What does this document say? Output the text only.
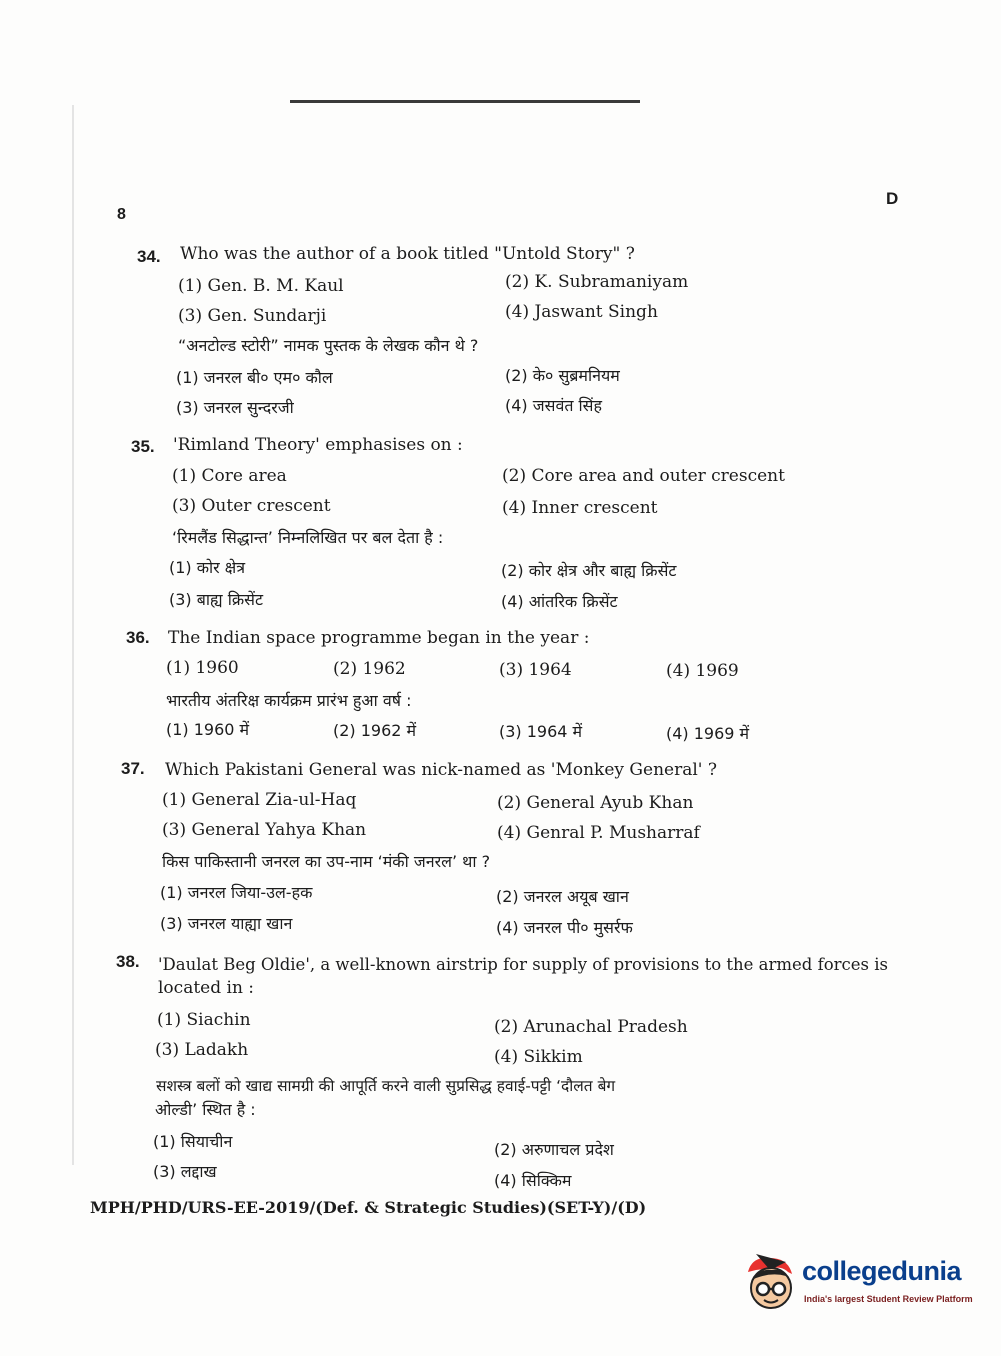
8
D
34. Who was the author of a book titled "Untold Story" ?
(1) Gen. B. M. Kaul	(2) K. Subramaniyam
(3) Gen. Sundarji	(4) Jaswant Singh
“अनटोल्ड स्टोरी” नामक पुस्तक के लेखक कौन थे ?
(1) जनरल बी० एम० कौल	(2) के० सुब्रमनियम
(3) जनरल सुन्दरजी	(4) जसवंत सिंह
35. 'Rimland Theory' emphasises on :
(1) Core area	(2) Core area and outer crescent
(3) Outer crescent	(4) Inner crescent
‘रिमलैंड सिद्धान्त’ निम्नलिखित पर बल देता है :
(1) कोर क्षेत्र	(2) कोर क्षेत्र और बाह्य क्रिसेंट
(3) बाह्य क्रिसेंट	(4) आंतरिक क्रिसेंट
36. The Indian space programme began in the year :
(1) 1960	(2) 1962	(3) 1964	(4) 1969
भारतीय अंतरिक्ष कार्यक्रम प्रारंभ हुआ वर्ष :
(1) 1960 में	(2) 1962 में	(3) 1964 में	(4) 1969 में
37. Which Pakistani General was nick-named as 'Monkey General' ?
(1) General Zia-ul-Haq	(2) General Ayub Khan
(3) General Yahya Khan	(4) Genral P. Musharraf
किस पाकिस्तानी जनरल का उप-नाम ‘मंकी जनरल’ था ?
(1) जनरल जिया-उल-हक	(2) जनरल अयूब खान
(3) जनरल याह्या खान	(4) जनरल पी० मुसर्रफ
38. 'Daulat Beg Oldie', a well-known airstrip for supply of provisions to the armed forces is
located in :
(1) Siachin	(2) Arunachal Pradesh
(3) Ladakh	(4) Sikkim
सशस्त्र बलों को खाद्य सामग्री की आपूर्ति करने वाली सुप्रसिद्ध हवाई-पट्टी ‘दौलत बेग
ओल्डी’ स्थित है :
(1) सियाचीन	(2) अरुणाचल प्रदेश
(3) लद्दाख	(4) सिक्किम
MPH/PHD/URS-EE-2019/(Def. & Strategic Studies)(SET-Y)/(D)
collegedunia
India's largest Student Review Platform
